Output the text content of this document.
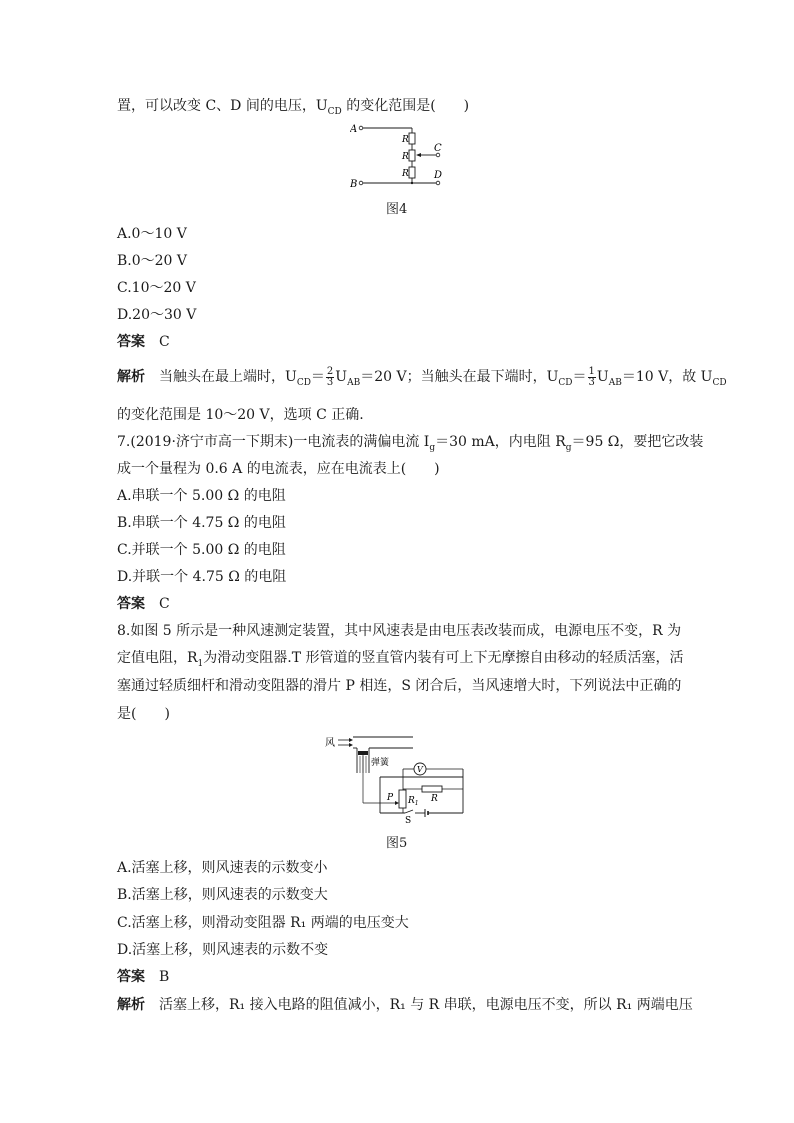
置，可以改变 C、D 间的电压，$U_{CD}$ 的变化范围是(　　)
A
R
R
R
C
B
D
图4
A.0～10 V
B.0～20 V
C.10～20 V
D.20～30 V
答案 C
解析 当触头在最上端时，$U_{CD}= \frac{2}{3} U_{AB}=20$ V；当触头在最下端时，$U_{CD}= \frac{1}{3} U_{AB}=10$ V，故 $U_{CD}$
的变化范围是 10～20 V，选项 C 正确.
7.(2019·济宁市高一下期末)一电流表的满偏电流 $I_g=30$ mA，内电阻 $R_g=95$ Ω，要把它改装
成一个量程为 0.6 A 的电流表，应在电流表上(　　)
A.串联一个 5.00 Ω 的电阻
B.串联一个 4.75 Ω 的电阻
C.并联一个 5.00 Ω 的电阻
D.并联一个 4.75 Ω 的电阻
答案 C
8.如图 5 所示是一种风速测定装置，其中风速表是由电压表改装而成，电源电压不变，R 为
定值电阻，$R_1$为滑动变阻器.T 形管道的竖直管内装有可上下无摩擦自由移动的轻质活塞，活
塞通过轻质细杆和滑动变阻器的滑片 P 相连，S 闭合后，当风速增大时，下列说法中正确的
是(　　)
风
弹簧
V
R
$R_1$
P
S
图5
A.活塞上移，则风速表的示数变小
B.活塞上移，则风速表的示数变大
C.活塞上移，则滑动变阻器 R₁ 两端的电压变大
D.活塞上移，则风速表的示数不变
答案 B
解析 活塞上移，R₁ 接入电路的阻值减小，R₁ 与 R 串联，电源电压不变，所以 R₁ 两端电压
